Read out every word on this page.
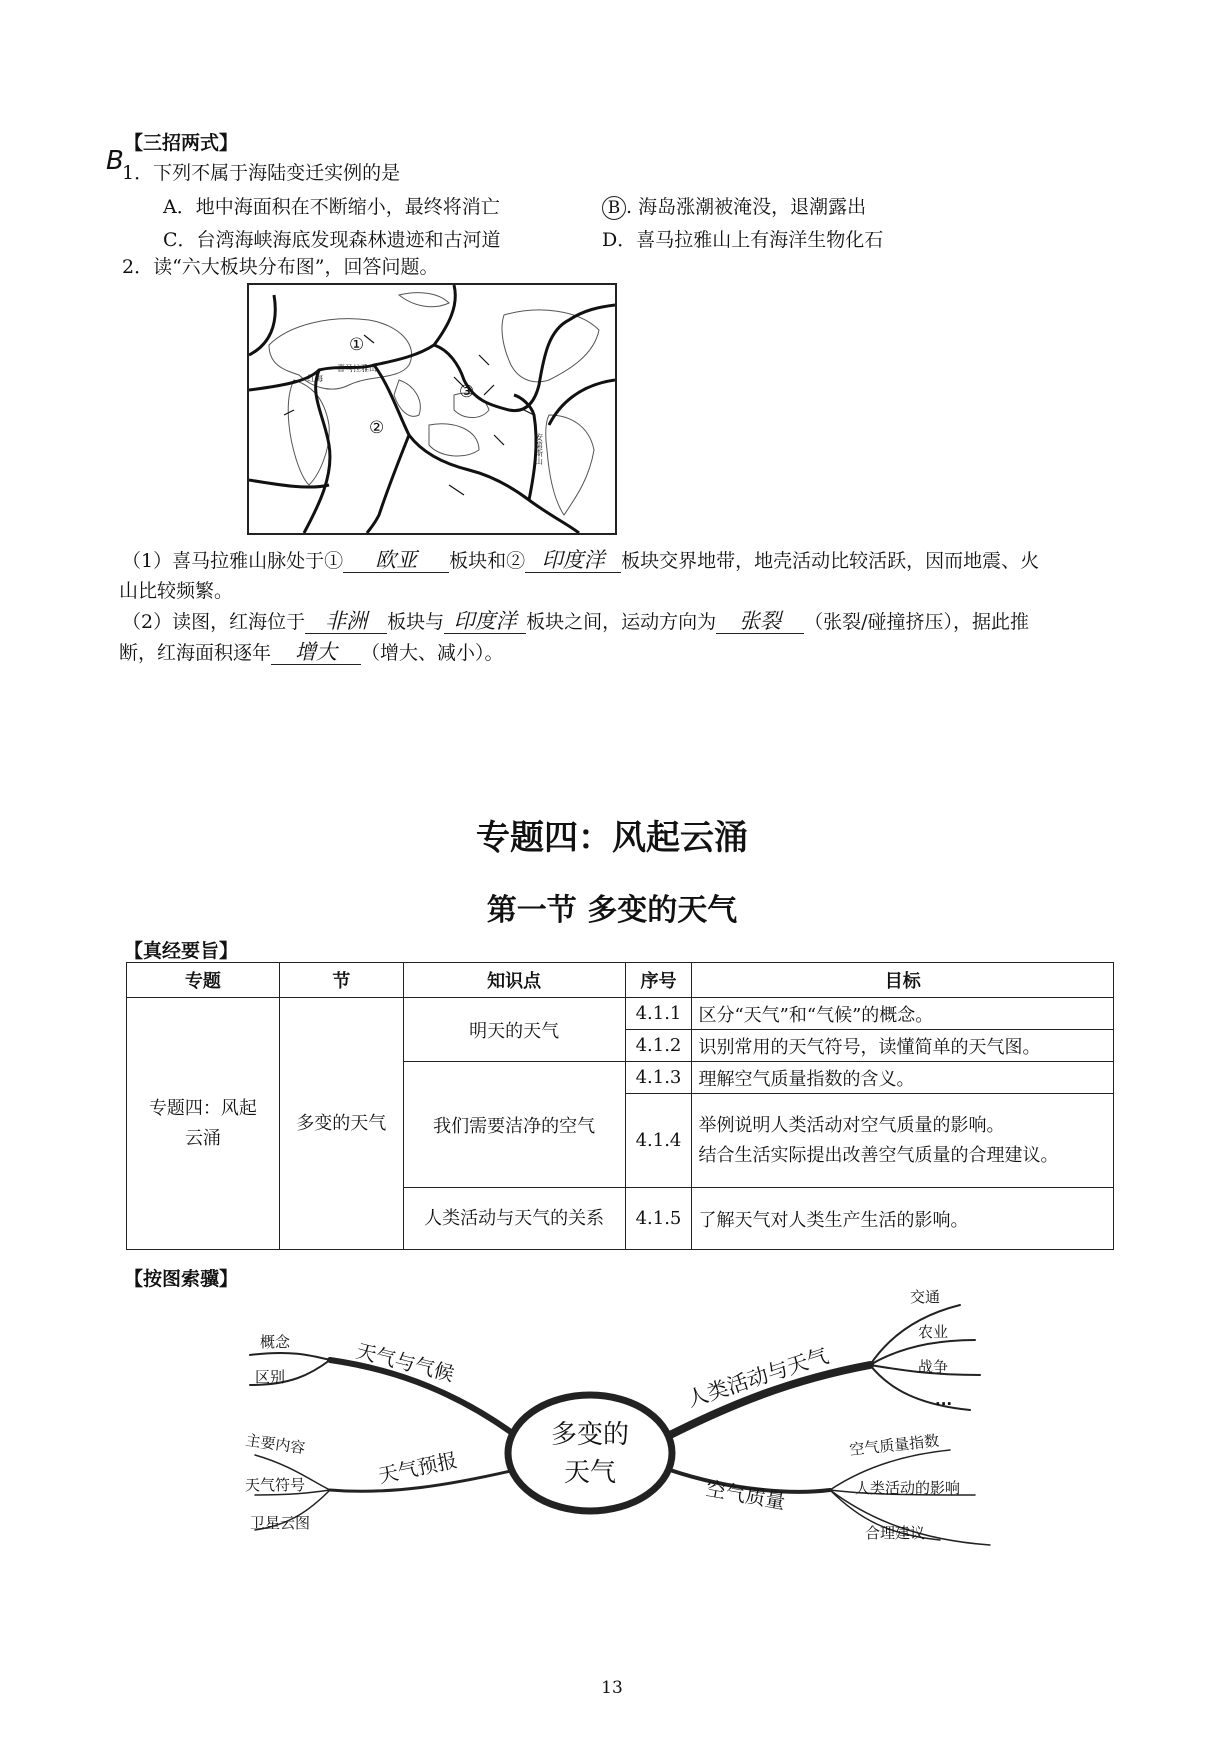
【三招两式】
B
1．下列不属于海陆变迁实例的是
A．地中海面积在不断缩小，最终将消亡	B . 海岛涨潮被淹没，退潮露出
C．台湾海峡海底发现森林遗迹和古河道	D．喜马拉雅山上有海洋生物化石
2．读“六大板块分布图”，回答问题。
①
②
③
红海
喜马拉雅山
安第斯山
（1）喜马拉雅山脉处于① 欧亚 板块和② 印度洋 板块交界地带，地壳活动比较活跃，因而地震、火
山比较频繁。
（2）读图，红海位于 非洲 板块与 印度洋 板块之间，运动方向为 张裂 （张裂/碰撞挤压），据此推
断，红海面积逐年 增大 （增大、减小）。
专题四：风起云涌
第一节 多变的天气
【真经要旨】
专题	节	知识点	序号	目标
专题四：风起云涌	多变的天气	明天的天气	4.1.1	区分“天气”和“气候”的概念。
			4.1.2	识别常用的天气符号，读懂简单的天气图。
		我们需要洁净的空气	4.1.3	理解空气质量指数的含义。
			4.1.4	举例说明人类活动对空气质量的影响。
结合生活实际提出改善空气质量的合理建议。

		人类活动与天气的关系	4.1.5	了解天气对人类生产生活的影响。
【按图索骥】
多变的
天气
天气与气候
概念
区别
天气预报
主要内容
天气符号
卫星云图
人类活动与天气
交通
农业
战争
...
空气质量
空气质量指数
人类活动的影响
合理建议
13
